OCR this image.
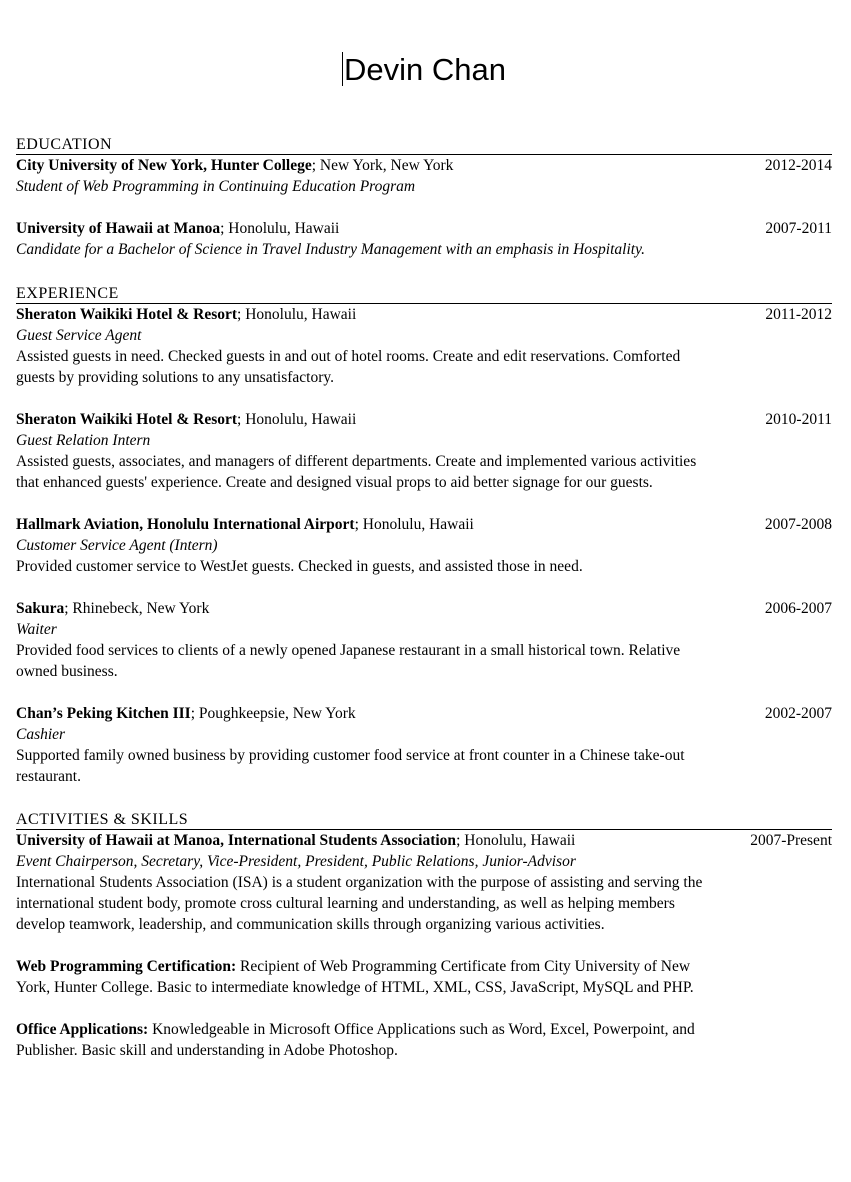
Devin Chan
EDUCATION
City University of New York, Hunter College; New York, New York	2012-2014
Student of Web Programming in Continuing Education Program
University of Hawaii at Manoa; Honolulu, Hawaii	2007-2011
Candidate for a Bachelor of Science in Travel Industry Management with an emphasis in Hospitality.
EXPERIENCE
Sheraton Waikiki Hotel & Resort; Honolulu, Hawaii	2011-2012
Guest Service Agent
Assisted guests in need. Checked guests in and out of hotel rooms. Create and edit reservations. Comforted
guests by providing solutions to any unsatisfactory.
Sheraton Waikiki Hotel & Resort; Honolulu, Hawaii	2010-2011
Guest Relation Intern
Assisted guests, associates, and managers of different departments. Create and implemented various activities
that enhanced guests' experience. Create and designed visual props to aid better signage for our guests.
Hallmark Aviation, Honolulu International Airport; Honolulu, Hawaii	2007-2008
Customer Service Agent (Intern)
Provided customer service to WestJet guests. Checked in guests, and assisted those in need.
Sakura; Rhinebeck, New York	2006-2007
Waiter
Provided food services to clients of a newly opened Japanese restaurant in a small historical town. Relative
owned business.
Chan’s Peking Kitchen III; Poughkeepsie, New York	2002-2007
Cashier
Supported family owned business by providing customer food service at front counter in a Chinese take-out
restaurant.
ACTIVITIES & SKILLS
University of Hawaii at Manoa, International Students Association; Honolulu, Hawaii	2007-Present
Event Chairperson, Secretary, Vice-President, President, Public Relations, Junior-Advisor
International Students Association (ISA) is a student organization with the purpose of assisting and serving the
international student body, promote cross cultural learning and understanding, as well as helping members
develop teamwork, leadership, and communication skills through organizing various activities.
Web Programming Certification: Recipient of Web Programming Certificate from City University of New
York, Hunter College. Basic to intermediate knowledge of HTML, XML, CSS, JavaScript, MySQL and PHP.
Office Applications: Knowledgeable in Microsoft Office Applications such as Word, Excel, Powerpoint, and
Publisher. Basic skill and understanding in Adobe Photoshop.
